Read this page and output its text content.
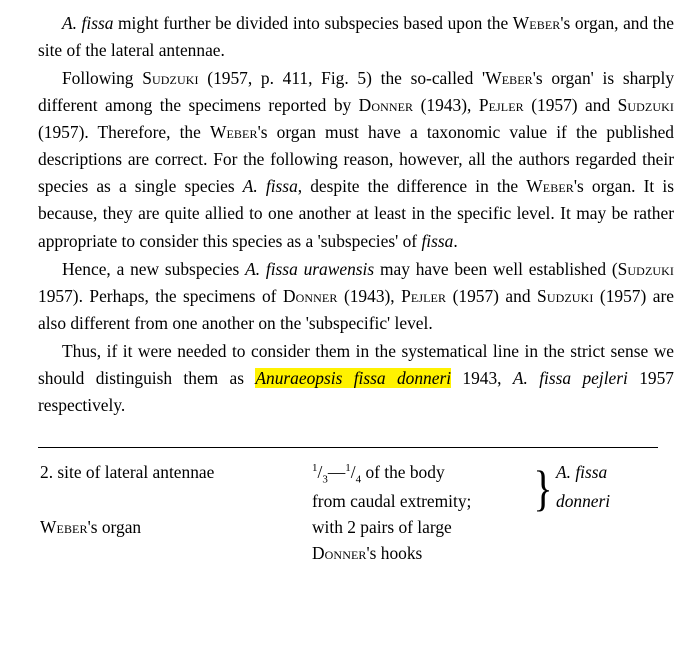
A. fissa might further be divided into subspecies based upon the Weber's organ, and the site of the lateral antennae.

Following Sudzuki (1957, p. 411, Fig. 5) the so-called 'Weber's organ' is sharply different among the specimens reported by Donner (1943), Pejler (1957) and Sudzuki (1957). Therefore, the Weber's organ must have a taxonomic value if the published descriptions are correct. For the following reason, however, all the authors regarded their species as a single species A. fissa, despite the difference in the Weber's organ. It is because, they are quite allied to one another at least in the specific level. It may be rather appropriate to consider this species as a 'subspecies' of fissa.

Hence, a new subspecies A. fissa urawensis may have been well established (Sudzuki 1957). Perhaps, the specimens of Donner (1943), Pejler (1957) and Sudzuki (1957) are also different from one another on the 'subspecific' level.

Thus, if it were needed to consider them in the systematical line in the strict sense we should distinguish them as Anuraeopsis fissa donneri 1943, A. fissa pejleri 1957 respectively.

2. site of lateral antennae	$^1/_3—^1/_4$ of the body	}	A. fissa
	from caudal extremity;		donneri
Weber's organ	with 2 pairs of large		
	Donner's hooks		
